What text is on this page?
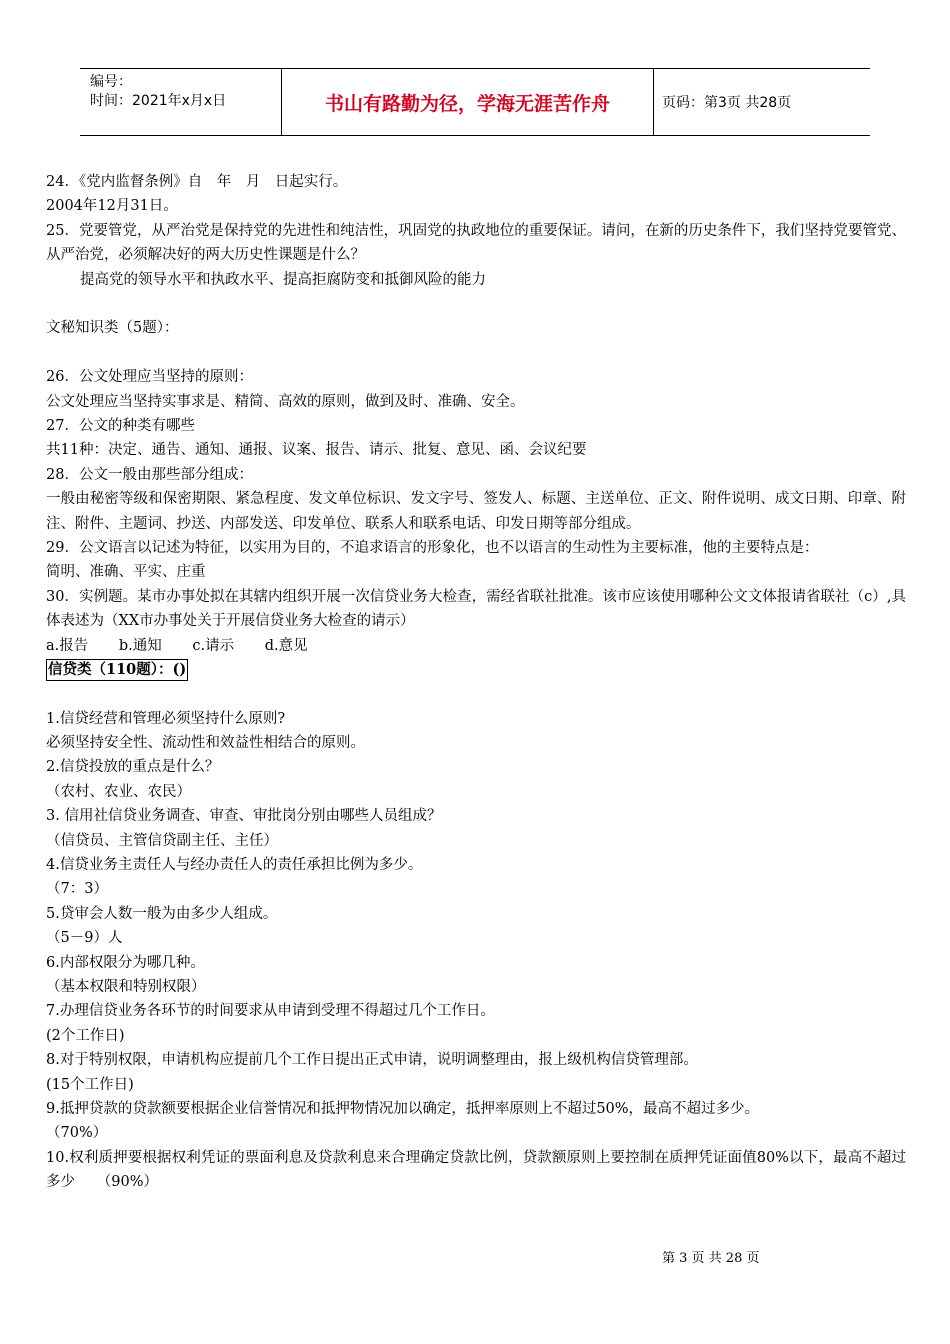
编号：
时间：2021年x月x日	书山有路勤为径，学海无涯苦作舟	页码：第3页 共28页
24．《党内监督条例》自　年　月　日起实行。
2004年12月31日。
25．党要管党，从严治党是保持党的先进性和纯洁性，巩固党的执政地位的重要保证。请问，在新的历史条件下，我们坚持党要管党、从严治党，必须解决好的两大历史性课题是什么？
提高党的领导水平和执政水平、提高拒腐防变和抵御风险的能力
文秘知识类（5题）：
26．公文处理应当坚持的原则：
公文处理应当坚持实事求是、精简、高效的原则，做到及时、准确、安全。
27．公文的种类有哪些
共11种：决定、通告、通知、通报、议案、报告、请示、批复、意见、函、会议纪要
28．公文一般由那些部分组成：
一般由秘密等级和保密期限、紧急程度、发文单位标识、发文字号、签发人、标题、主送单位、正文、附件说明、成文日期、印章、附注、附件、主题词、抄送、内部发送、印发单位、联系人和联系电话、印发日期等部分组成。
29．公文语言以记述为特征，以实用为目的，不追求语言的形象化，也不以语言的生动性为主要标准，他的主要特点是：
简明、准确、平实、庄重
30．实例题。某市办事处拟在其辖内组织开展一次信贷业务大检查，需经省联社批准。该市应该使用哪种公文文体报请省联社（c）,具体表述为（XX市办事处关于开展信贷业务大检查的请示）
a.报告 b.通知 c.请示 d.意见
信贷类（110题）：()
1.信贷经营和管理必须坚持什么原则?
必须坚持安全性、流动性和效益性相结合的原则。
2.信贷投放的重点是什么？
（农村、农业、农民）
3. 信用社信贷业务调查、审查、审批岗分别由哪些人员组成？
（信贷员、主管信贷副主任、主任）
4.信贷业务主责任人与经办责任人的责任承担比例为多少。
（7：3）
5.贷审会人数一般为由多少人组成。
（5－9）人
6.内部权限分为哪几种。
（基本权限和特别权限）
7.办理信贷业务各环节的时间要求从申请到受理不得超过几个工作日。
(2个工作日)
8.对于特别权限，申请机构应提前几个工作日提出正式申请，说明调整理由，报上级机构信贷管理部。
(15个工作日)
9.抵押贷款的贷款额要根据企业信誉情况和抵押物情况加以确定，抵押率原则上不超过50%，最高不超过多少。
（70%）
10.权利质押要根据权利凭证的票面利息及贷款利息来合理确定贷款比例，贷款额原则上要控制在质押凭证面值80%以下，最高不超过多少　　（90%）
第 3 页 共 28 页
